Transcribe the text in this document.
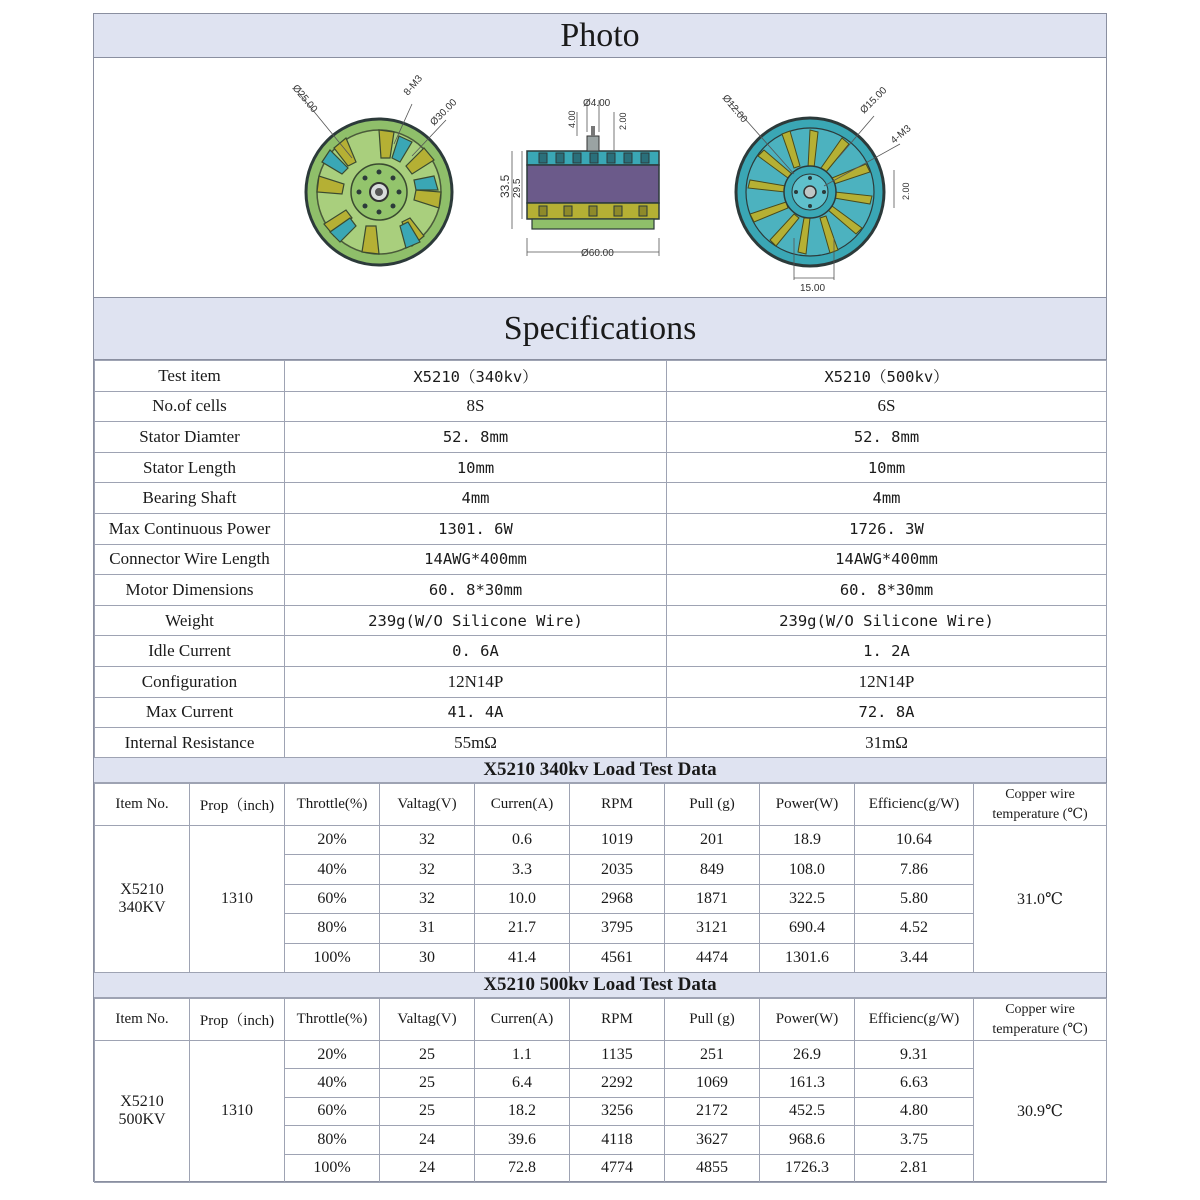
Photo
Ø25.00	8-M3
Ø30.00
Ø60.00
33.5 29.5
Ø4.00
4.00	2.00	Ø12.00	Ø15.00
4-M3
2.00
15.00
Specifications
Test item	X5210（340kv）	X5210（500kv）
No.of cells	8S	6S
Stator Diamter	52. 8mm	52. 8mm
Stator Length	10mm	10mm
Bearing Shaft	4mm	4mm
Max Continuous Power	1301. 6W	1726. 3W
Connector Wire Length	14AWG*400mm	14AWG*400mm
Motor Dimensions	60. 8*30mm	60. 8*30mm
Weight	239g(W/O Silicone Wire)	239g(W/O Silicone Wire)
Idle Current	0. 6A	1. 2A
Configuration	12N14P	12N14P
Max Current	41. 4A	72. 8A
Internal Resistance	55mΩ	31mΩ
X5210 340kv Load Test Data
Item No.	Prop（inch)	Throttle(%)	Valtag(V)	Curren(A)	RPM	Pull (g)	Power(W)	Efficienc(g/W)	Copper wire temperature (℃)
X5210
340KV	1310	20%	32	0.6	1019	201	18.9	10.64	31.0℃
		40%	32	3.3	2035	849	108.0	7.86	
		60%	32	10.0	2968	1871	322.5	5.80	
		80%	31	21.7	3795	3121	690.4	4.52	
		100%	30	41.4	4561	4474	1301.6	3.44	
X5210 500kv Load Test Data
Item No.	Prop（inch)	Throttle(%)	Valtag(V)	Curren(A)	RPM	Pull (g)	Power(W)	Efficienc(g/W)	Copper wire temperature (℃)
X5210
500KV	1310	20%	25	1.1	1135	251	26.9	9.31	30.9℃
		40%	25	6.4	2292	1069	161.3	6.63	
		60%	25	18.2	3256	2172	452.5	4.80	
		80%	24	39.6	4118	3627	968.6	3.75	
		100%	24	72.8	4774	4855	1726.3	2.81	
